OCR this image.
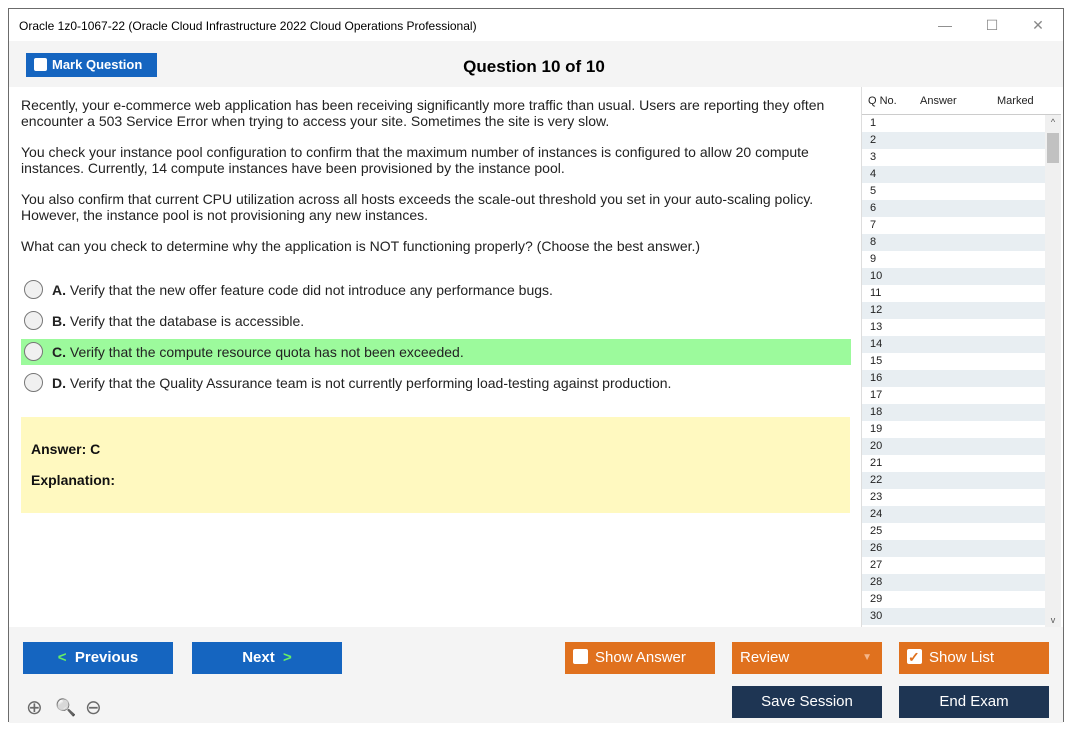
Oracle 1z0-1067-22 (Oracle Cloud Infrastructure 2022 Cloud Operations Professional)	—	☐	✕
Mark Question	Question 10 of 10

Recently, your e-commerce web application has been receiving significantly more traffic than usual. Users are reporting they often encounter a 503 Service Error when trying to access your site. Sometimes the site is very slow.

You check your instance pool configuration to confirm that the maximum number of instances is configured to allow 20 compute instances. Currently, 14 compute instances have been provisioned by the instance pool.

You also confirm that current CPU utilization across all hosts exceeds the scale-out threshold you set in your auto-scaling policy. However, the instance pool is not provisioning any new instances.

What can you check to determine why the application is NOT functioning properly? (Choose the best answer.)

A. Verify that the new offer feature code did not introduce any performance bugs.
B. Verify that the database is accessible.
C. Verify that the compute resource quota has not been exceeded.
D. Verify that the Quality Assurance team is not currently performing load-testing against production.
Answer: C
Explanation:
Q No. Answer	Marked
1
2
3
4
5
6
7
8
9
10
11
12
13
14
15
16
17
18
19
20
21
22
23
24
25
26
27
28
29
30
^
v
< Previous	Next >	Show Answer	Review	▼
✓	Show List
Save Session	End Exam
⊕ 🔍 ⊖
